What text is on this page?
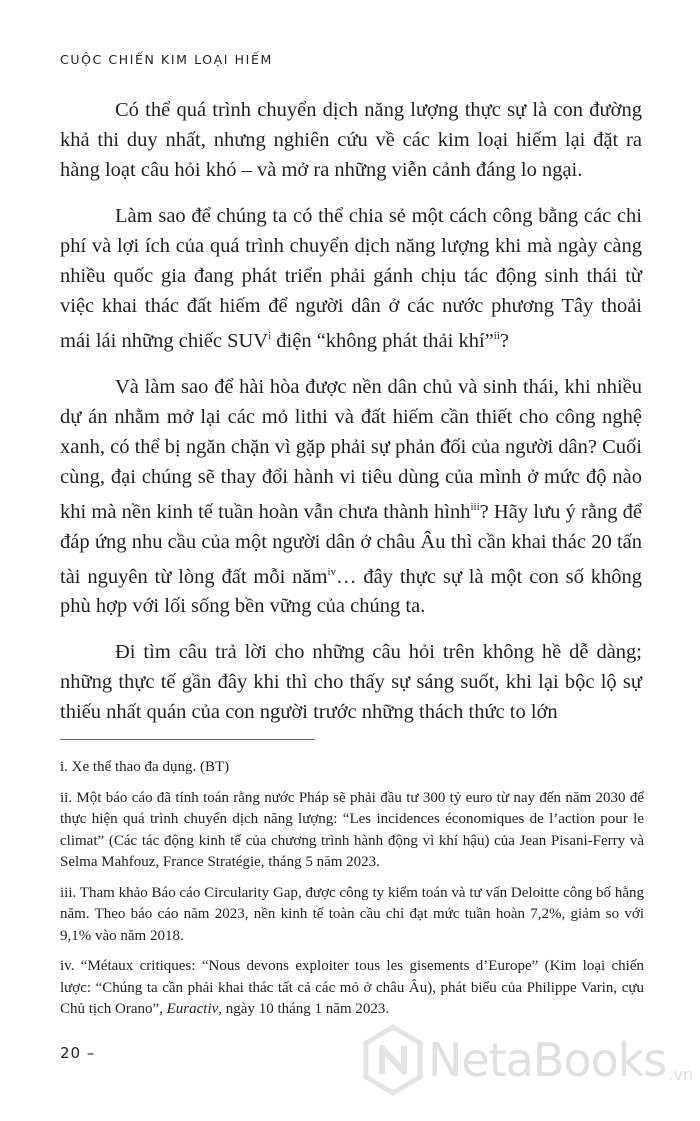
CUỘC CHIẾN KIM LOẠI HIẾM

Có thể quá trình chuyển dịch năng lượng thực sự là con đường khả thi duy nhất, nhưng nghiên cứu về các kim loại hiếm lại đặt ra hàng loạt câu hỏi khó – và mở ra những viễn cảnh đáng lo ngại.

Làm sao để chúng ta có thể chia sẻ một cách công bằng các chi phí và lợi ích của quá trình chuyển dịch năng lượng khi mà ngày càng nhiều quốc gia đang phát triển phải gánh chịu tác động sinh thái từ việc khai thác đất hiếm để người dân ở các nước phương Tây thoải mái lái những chiếc SUV$^i$ điện “không phát thải khí”$^{ii}$?

Và làm sao để hài hòa được nền dân chủ và sinh thái, khi nhiều dự án nhằm mở lại các mỏ lithi và đất hiếm cần thiết cho công nghệ xanh, có thể bị ngăn chặn vì gặp phải sự phản đối của người dân? Cuối cùng, đại chúng sẽ thay đổi hành vi tiêu dùng của mình ở mức độ nào khi mà nền kinh tế tuần hoàn vẫn chưa thành hình$^{iii}$? Hãy lưu ý rằng để đáp ứng nhu cầu của một người dân ở châu Âu thì cần khai thác 20 tấn tài nguyên từ lòng đất mỗi năm$^{iv}$… đây thực sự là một con số không phù hợp với lối sống bền vững của chúng ta.

Đi tìm câu trả lời cho những câu hỏi trên không hề dễ dàng; những thực tế gần đây khi thì cho thấy sự sáng suốt, khi lại bộc lộ sự thiếu nhất quán của con người trước những thách thức to lớn

i. Xe thể thao đa dụng. (BT)

ii. Một báo cáo đã tính toán rằng nước Pháp sẽ phải đầu tư 300 tỷ euro từ nay đến năm 2030 để thực hiện quá trình chuyển dịch năng lượng: “Les incidences économiques de l’action pour le climat” (Các tác động kinh tế của chương trình hành động vì khí hậu) của Jean Pisani-Ferry và Selma Mahfouz, France Stratégie, tháng 5 năm 2023.

iii. Tham khảo Báo cáo Circularity Gap, được công ty kiểm toán và tư vấn Deloitte công bố hằng năm. Theo báo cáo năm 2023, nền kinh tế toàn cầu chỉ đạt mức tuần hoàn 7,2%, giảm so với 9,1% vào năm 2018.

iv. “Métaux critiques: “Nous devons exploiter tous les gisements d’Europe” (Kim loại chiến lược: “Chúng ta cần phải khai thác tất cả các mỏ ở châu Âu), phát biểu của Philippe Varin, cựu Chủ tịch Orano”, Euractiv, ngày 10 tháng 1 năm 2023.

20 –	NetaBooks .vn
